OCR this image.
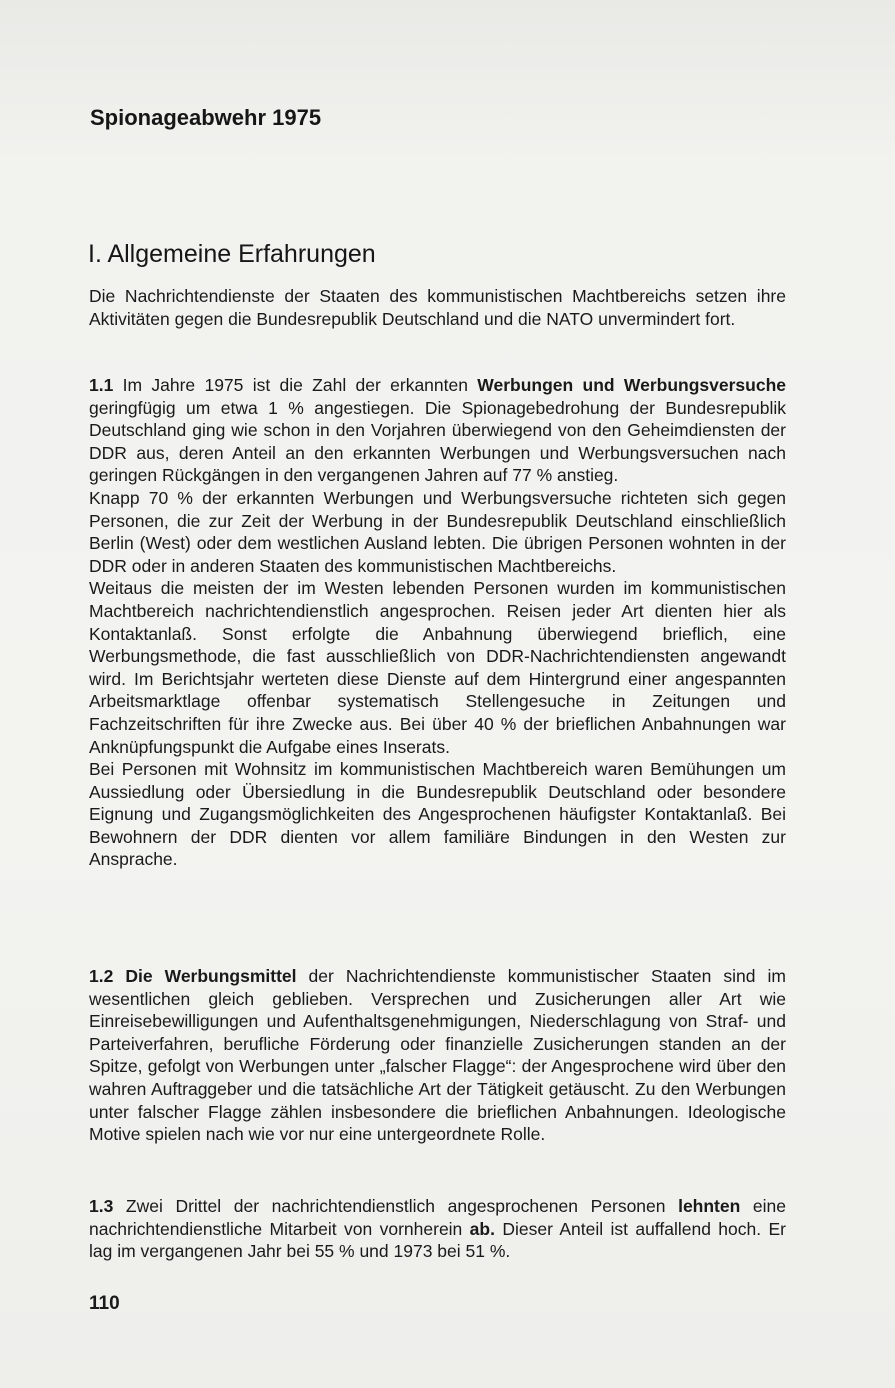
Spionageabwehr 1975
I. Allgemeine Erfahrungen

Die Nachrichtendienste der Staaten des kommunistischen Machtbereichs setzen ihre Aktivitäten gegen die Bundesrepublik Deutschland und die NATO unvermindert fort.

1.1 Im Jahre 1975 ist die Zahl der erkannten Werbungen und Werbungsversuche geringfügig um etwa 1 % angestiegen. Die Spionagebedrohung der Bundesrepublik Deutschland ging wie schon in den Vorjahren überwiegend von den Geheimdiensten der DDR aus, deren Anteil an den erkannten Werbungen und Werbungsversuchen nach geringen Rückgängen in den vergangenen Jahren auf 77 % anstieg.

Knapp 70 % der erkannten Werbungen und Werbungsversuche richteten sich gegen Personen, die zur Zeit der Werbung in der Bundesrepublik Deutschland einschließlich Berlin (West) oder dem westlichen Ausland lebten. Die übrigen Personen wohnten in der DDR oder in anderen Staaten des kommunistischen Machtbereichs.

Weitaus die meisten der im Westen lebenden Personen wurden im kommunistischen Machtbereich nachrichtendienstlich angesprochen. Reisen jeder Art dienten hier als Kontaktanlaß. Sonst erfolgte die Anbahnung überwiegend brieflich, eine Werbungsmethode, die fast ausschließlich von DDR-Nachrichtendiensten angewandt wird. Im Berichtsjahr werteten diese Dienste auf dem Hintergrund einer angespannten Arbeitsmarktlage offenbar systematisch Stellengesuche in Zeitungen und Fachzeitschriften für ihre Zwecke aus. Bei über 40 % der brieflichen Anbahnungen war Anknüpfungspunkt die Aufgabe eines Inserats.

Bei Personen mit Wohnsitz im kommunistischen Machtbereich waren Bemühungen um Aussiedlung oder Übersiedlung in die Bundesrepublik Deutschland oder besondere Eignung und Zugangsmöglichkeiten des Angesprochenen häufigster Kontaktanlaß. Bei Bewohnern der DDR dienten vor allem familiäre Bindungen in den Westen zur Ansprache.

1.2 Die Werbungsmittel der Nachrichtendienste kommunistischer Staaten sind im wesentlichen gleich geblieben. Versprechen und Zusicherungen aller Art wie Einreisebewilligungen und Aufenthaltsgenehmigungen, Niederschlagung von Straf- und Parteiverfahren, berufliche Förderung oder finanzielle Zusicherungen standen an der Spitze, gefolgt von Werbungen unter „falscher Flagge“: der Angesprochene wird über den wahren Auftraggeber und die tatsächliche Art der Tätigkeit getäuscht. Zu den Werbungen unter falscher Flagge zählen insbesondere die brieflichen Anbahnungen. Ideologische Motive spielen nach wie vor nur eine untergeordnete Rolle.

1.3 Zwei Drittel der nachrichtendienstlich angesprochenen Personen lehnten eine nachrichtendienstliche Mitarbeit von vornherein ab. Dieser Anteil ist auffallend hoch. Er lag im vergangenen Jahr bei 55 % und 1973 bei 51 %.

110
